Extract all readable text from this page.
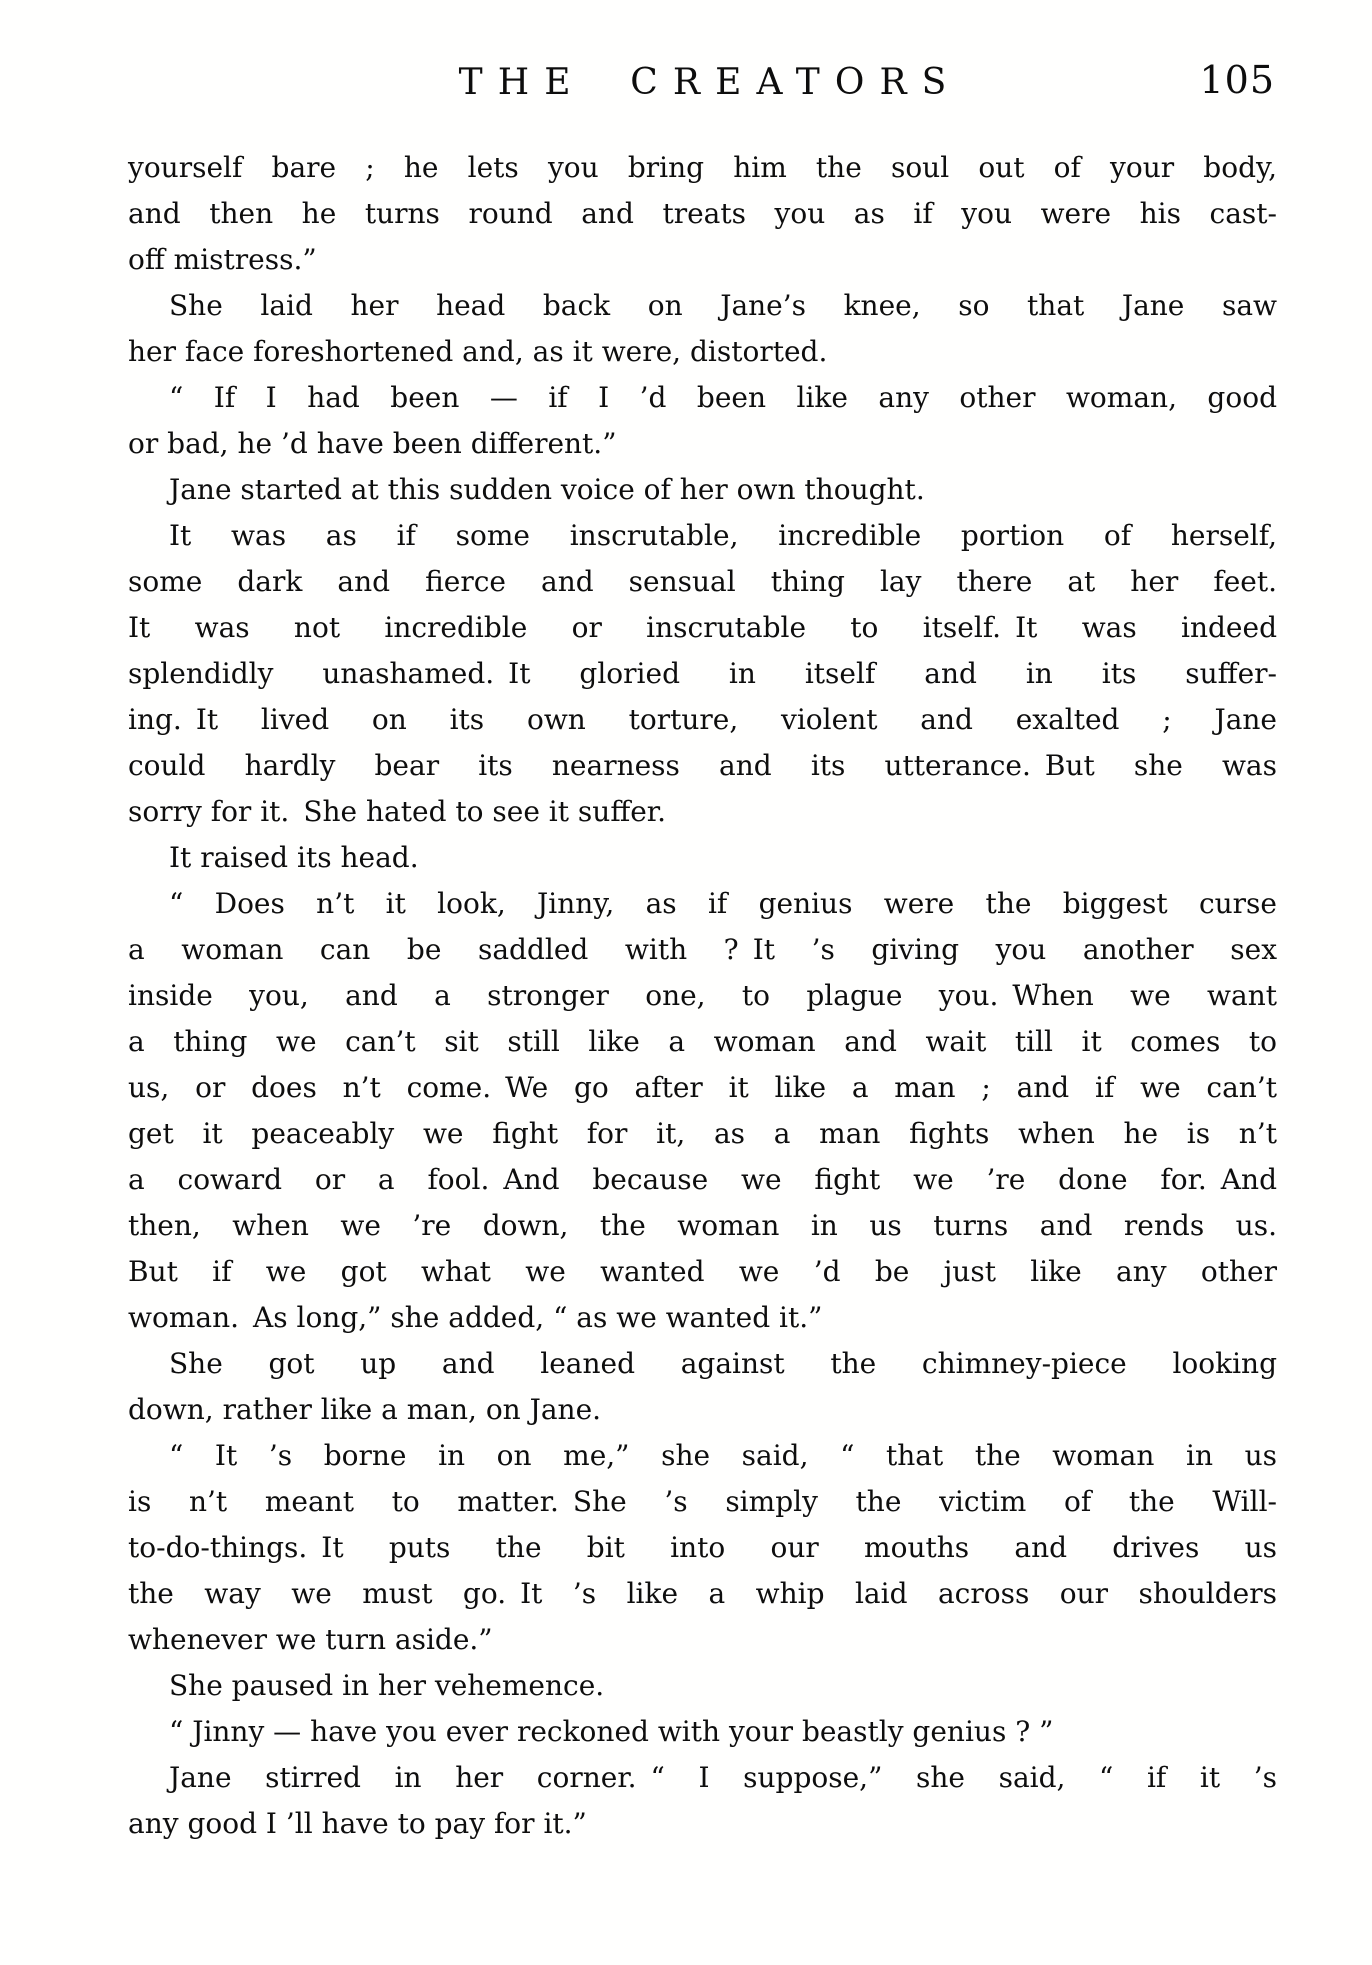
THE CREATORS	105
yourself bare ; he lets you bring him the soul out of your body,
and then he turns round and treats you as if you were his cast-
off mistress.”
She laid her head back on Jane’s knee, so that Jane saw
her face foreshortened and, as it were, distorted.
“ If I had been — if I ’d been like any other woman, good
or bad, he ’d have been different.”
Jane started at this sudden voice of her own thought.
It was as if some inscrutable, incredible portion of herself,
some dark and fierce and sensual thing lay there at her feet.
It was not incredible or inscrutable to itself. It was indeed
splendidly unashamed. It gloried in itself and in its suffer-
ing. It lived on its own torture, violent and exalted ; Jane
could hardly bear its nearness and its utterance. But she was
sorry for it. She hated to see it suffer.
It raised its head.
“ Does n’t it look, Jinny, as if genius were the biggest curse
a woman can be saddled with ? It ’s giving you another sex
inside you, and a stronger one, to plague you. When we want
a thing we can’t sit still like a woman and wait till it comes to
us, or does n’t come. We go after it like a man ; and if we can’t
get it peaceably we fight for it, as a man fights when he is n’t
a coward or a fool. And because we fight we ’re done for. And
then, when we ’re down, the woman in us turns and rends us.
But if we got what we wanted we ’d be just like any other
woman. As long,” she added, “ as we wanted it.”
She got up and leaned against the chimney-piece looking
down, rather like a man, on Jane.
“ It ’s borne in on me,” she said, “ that the woman in us
is n’t meant to matter. She ’s simply the victim of the Will-
to-do-things. It puts the bit into our mouths and drives us
the way we must go. It ’s like a whip laid across our shoulders
whenever we turn aside.”
She paused in her vehemence.
“ Jinny — have you ever reckoned with your beastly genius ? ”
Jane stirred in her corner. “ I suppose,” she said, “ if it ’s
any good I ’ll have to pay for it.”
